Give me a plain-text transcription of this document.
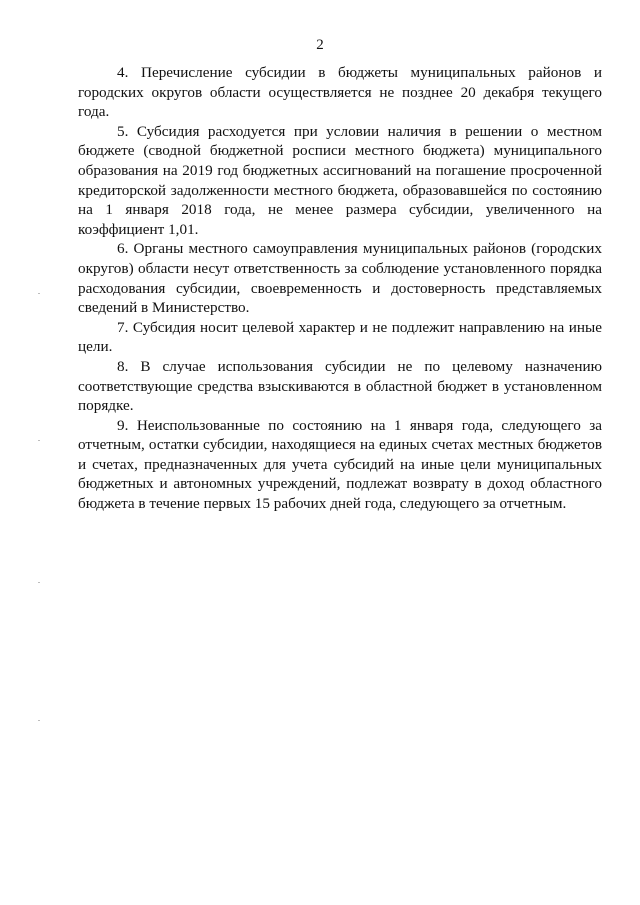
2

4. Перечисление субсидии в бюджеты муниципальных районов и городских округов области осуществляется не позднее 20 декабря текущего года.

5. Субсидия расходуется при условии наличия в решении о местном бюджете (сводной бюджетной росписи местного бюджета) муниципального образования на 2019 год бюджетных ассигнований на погашение просроченной кредиторской задолженности местного бюджета, образовавшейся по состоянию на 1 января 2018 года, не менее размера субсидии, увеличенного на коэффициент 1,01.

6. Органы местного самоуправления муниципальных районов (городских округов) области несут ответственность за соблюдение установленного порядка расходования субсидии, своевременность и достоверность представляемых сведений в Министерство.

7. Субсидия носит целевой характер и не подлежит направлению на иные цели.

8. В случае использования субсидии не по целевому назначению соответствующие средства взыскиваются в областной бюджет в установленном порядке.

9. Неиспользованные по состоянию на 1 января года, следующего за отчетным, остатки субсидии, находящиеся на единых счетах местных бюджетов и счетах, предназначенных для учета субсидий на иные цели муниципальных бюджетных и автономных учреждений, подлежат возврату в доход областного бюджета в течение первых 15 рабочих дней года, следующего за отчетным.
